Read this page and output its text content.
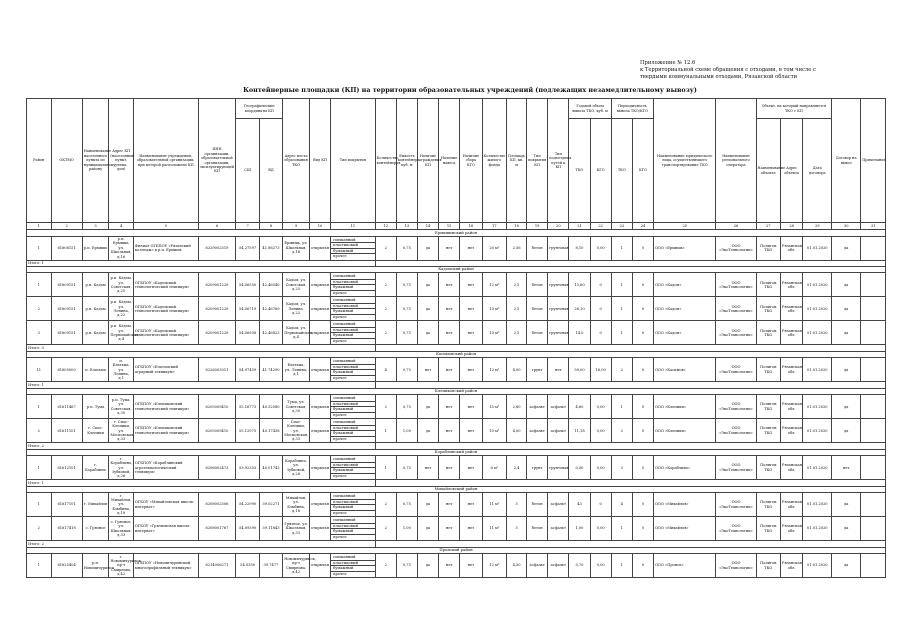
Приложение № 12.6
к Территориальной схеме обращения с отходами, в том числе с
твердыми коммунальными отходами, Рязанской области
Контейнерные площадки (КП) на территории образовательных учреждений (подлежащих незамедлительному вывозу)
Район	ОКТМО	Наименование населенного пункта по муниципальному району	Адрес КП (населенный пункт, улица, дом)	Наименование учреждения, образовательной организации, при которой расположена КП	ИНН организации, образовательной организации, эксплуатирующей КП	Географические координаты КП		Адрес места образования ТКО	Вид КП	Тип покрытия	Количество контейнеров	Емкость контейнера, куб. м	Наличие ограждения КП	Наличие навеса	Наличие сбора КГО	Количество жилого фонда	Площадь КП, кв. м	Тип покрытия КП	Тип подъездных путей к КП	Годовой объем вывоза ТКО, куб. м		Периодичность вывоза ТКО/КГО		Наименование юридического лица, осуществляющего транспортирование ТКО	Наименование регионального оператора	Объект, на который направляются ТКО с КП			Договор на вывоз	Примечание
						СШ	ВД													ТКО	КГО	ТКО	КГО			Наименование объекта	Адрес объекта	Дата договора		
1	2	3	4	5	6	7	8	9	10	11	12	13	14	15	16	17	18	19	20	21	22	23	24	25	26	27	28	29	30	31
Ермишинский район																														
1	61606151	р.п. Ермишь	р.п. Ермишь, ул. Школьная, д.16	Филиал ОГБПОУ «Рязанский колледж» в р.п. Ермишь	6229002519	54.27597	41.86273	Ермишь, ул. Школьная, д.16	открытая	смешанный
пластиковый
бумажный
прочее	2	0,75	да	нет	нет	20 м²	2,56	бетон	грунтовая	8,10	0,00	1	0	ООО «Ермишь»	ООО «ЭкоТехнологии»	Полигон ТКО	Рязанская обл.	01.01.2020	да	
Итого: 1																														
Кадомский район																														
1	61609151	р.п. Кадом	р.п. Кадом, ул. Советская, д.25	ОГБПОУ «Кадомский технологический техникум»	6209001229	54.56550	42.46540	Кадом, ул. Советская, д.25	открытая	смешанный
пластиковый
бумажный
прочее	2	0,75	да	нет	нет	12 м²	2,5	бетон	грунтовая	15,60	0	1	0	ООО «Кадом»	ООО «ЭкоТехнологии»	Полигон ТКО	Рязанская обл.	01.01.2020	да	
2	61609151	р.п. Кадом	р.п. Кадом, ул. Ленина, д.22	ОГБПОУ «Кадомский технологический техникум»	6209001229	54.56719	42.46769	Кадом, ул. Ленина, д.22	открытая	смешанный
пластиковый
бумажный
прочее	2	0,75	да	нет	нет	10 м²	2,5	бетон	грунтовая	26,10	0	1	0	ООО «Кадом»	ООО «ЭкоТехнологии»	Полигон ТКО	Рязанская обл.	01.01.2020	да	
3	61609151	р.п. Кадом	р.п. Кадом, ул. Первомайская, д.4	ОГБПОУ «Кадомский технологический техникум»	6209001229	54.56938	42.46823	Кадом, ул. Первомайская, д.4	открытая	смешанный
пластиковый
бумажный
прочее	2	0,75	да	нет	нет	10 м²	2,5	бетон	грунтовая	14,0	0	1	0	ООО «Кадом»	ООО «ЭкоТехнологии»	Полигон ТКО	Рязанская обл.	01.01.2020	да	
Итого: 3																														
Касимовский район																														
11	61605000	п. Елатьма	п. Елатьма, ул. Ленина, д.1	ОГБПОУ «Елатомский аграрный техникум»	6226003011	54.97459	41.74290	Елатьма, ул. Ленина, д.1	открытая	смешанный
пластиковый
бумажный
прочее	4	0,75	нет	нет	нет	12 м²	4,00	грунт	нет	59,00	16,00	2	0	ООО «Касимов»	ООО «ЭкоТехнологии»	Полигон ТКО	Рязанская обл.	01.01.2020	да	
Итого: 1																														
Клепиковский район																														
1	61611467	р.п. Тума	р.п. Тума, ул. Советская, д.30	ОГБПОУ «Клепиковский технологический техникум»	6205009410	55.16773	40.52580	Тума, ул. Советская, д.30	открытая	смешанный
пластиковый
бумажный
прочее	2	0,75	да	нет	нет	15 м²	2,80	асфальт	асфальт	4,60	0,00	1	0	ООО «Клепики»	ООО «ЭкоТехнологии»	Полигон ТКО	Рязанская обл.	01.01.2020	да	
2	61611101	г. Спас-Клепики	г. Спас-Клепики, ул. Московская, д.33	ОГБПОУ «Клепиковский технологический техникум»	6205009410	55.12975	40.17438	Спас-Клепики, ул. Московская, д.33	открытая	смешанный
пластиковый
бумажный
прочее	1	1,00	да	нет	нет	10 м²	4,00	асфальт	асфальт	11,18	0,00	2	0	ООО «Клепики»	ООО «ЭкоТехнологии»	Полигон ТКО	Рязанская обл.	01.01.2020	да	
Итого: 2																														
Кораблинский район																														
1	61612101	г. Кораблино	г. Кораблино, ул. Зубковой, д.26	ОГБПОУ «Кораблинский агротехнологический техникум»	6206002473	53.92353	40.01742	Кораблино, ул. Зубковой, д.26	открытая	смешанный
пластиковый
бумажный
прочее	1	0,75	нет	нет	нет	8 м²	2,4	грунт	грунтовая	0,00	0,00	3	0	ООО «Кораблино»	ООО «ЭкоТехнологии»	Полигон ТКО	Рязанская обл.	01.01.2020	нет	
Итого: 1																														
Михайловский район																														
1	61617101	г. Михайлов	г. Михайлов, ул. Бзыбина, д.18	ОГБОУ «Михайловская школа-интернат»	6208002506	54.22990	39.02271	Михайлов, ул. Бзыбина, д.18	открытая	смешанный
пластиковый
бумажный
прочее	2	0,75	да	нет	нет	11 м²	3	бетон	асфальт	43	0	4	0	ООО «Михайлов»	ООО «ЭкоТехнологии»	Полигон ТКО	Рязанская обл.	01.01.2020	да	
2	61617418	с. Грязное	с. Грязное, ул. Школьная, д.33	ОГБОУ «Грязновская школа-интернат»	6208001767	54.09390	39.11843	Грязное, ул. Школьная, д.33	открытая	смешанный
пластиковый
бумажный
прочее	2	1,00	да	нет	нет	11 м²	3	бетон	асфальт	1,00	0,00	1	0	ООО «Михайлов»	ООО «ЭкоТехнологии»	Полигон ТКО	Рязанская обл.	01.01.2020	да	
Итого: 2																														
Пронский район																														
1	61625404	р.п. Новомичуринск	г. Новомичуринск, пр-т Смирнова, д.42	ОГБПОУ «Новомичуринский многопрофильный техникум»	6214006271	54.0350	39.7477	Новомичуринск, пр-т Смирнова, д.42	открытая	смешанный
пластиковый
бумажный
прочее	2	0,75	да	нет	нет	12 м²	4,50	асфальт	асфальт	5,70	0,00	1	0	ООО «Пронск»	ООО «ЭкоТехнологии»	Полигон ТКО	Рязанская обл.	01.01.2020	да	
